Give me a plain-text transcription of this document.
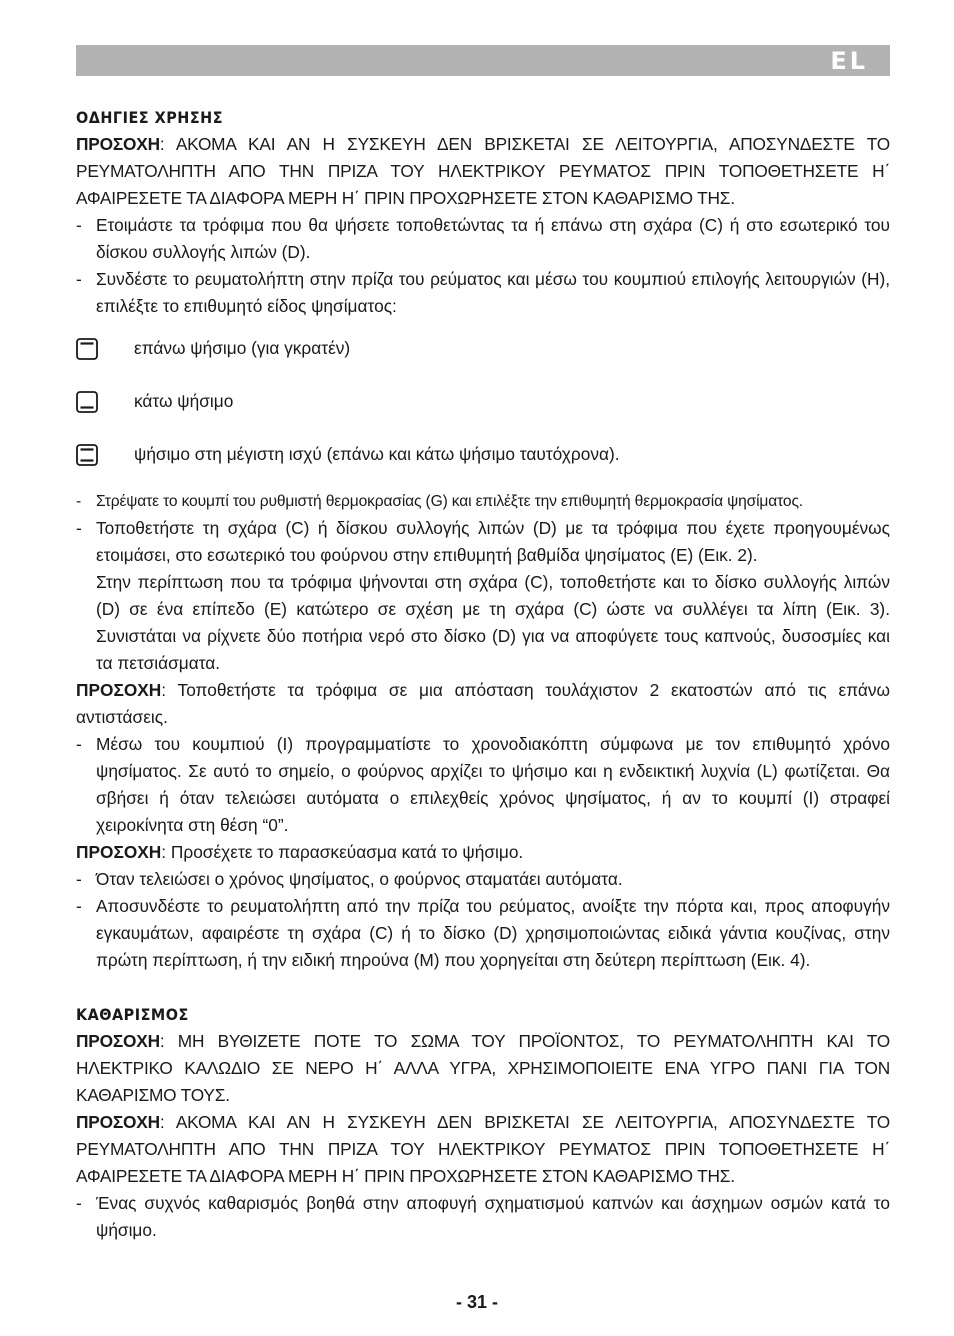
EL
ΟΔΗΓΙΕΣ ΧΡΗΣΗΣ
ΠΡΟΣΟΧΗ: ΑΚΟΜΑ ΚΑΙ ΑΝ Η ΣΥΣΚΕΥΗ ΔΕΝ ΒΡΙΣΚΕΤΑΙ ΣΕ ΛΕΙΤΟΥΡΓΙΑ, ΑΠΟΣΥΝΔΕΣΤΕ ΤΟ ΡΕΥΜΑΤΟΛΗΠΤΗ ΑΠΟ ΤΗΝ ΠΡΙΖΑ ΤΟΥ ΗΛΕΚΤΡΙΚΟΥ ΡΕΥΜΑΤΟΣ ΠΡΙΝ ΤΟΠΟΘΕΤΗΣΕΤΕ Η΄ ΑΦΑΙΡΕΣΕΤΕ ΤΑ ΔΙΑΦΟΡΑ ΜΕΡΗ Η΄ ΠΡΙΝ ΠΡΟΧΩΡΗΣΕΤΕ ΣΤΟΝ ΚΑΘΑΡΙΣΜΟ ΤΗΣ.
- Ετοιμάστε τα τρόφιμα που θα ψήσετε τοποθετώντας τα ή επάνω στη σχάρα (C) ή στο εσωτερικό του δίσκου συλλογής λιπών (D).
- Συνδέστε το ρευματολήπτη στην πρίζα του ρεύματος και μέσω του κουμπιού επιλογής λειτουργιών (H), επιλέξτε το επιθυμητό είδος ψησίματος:
επάνω ψήσιμο (για γκρατέν)
κάτω ψήσιμο
ψήσιμο στη μέγιστη ισχύ (επάνω και κάτω ψήσιμο ταυτόχρονα).
- Στρέψατε το κουμπί του ρυθμιστή θερμοκρασίας (G) και επιλέξτε την επιθυμητή θερμοκρασία ψησίματος.
- Τοποθετήστε τη σχάρα (C) ή δίσκου συλλογής λιπών (D) με τα τρόφιμα που έχετε προηγουμένως ετοιμάσει, στο εσωτερικό του φούρνου στην επιθυμητή βαθμίδα ψησίματος (E) (Εικ. 2).
Στην περίπτωση που τα τρόφιμα ψήνονται στη σχάρα (C), τοποθετήστε και το δίσκο συλλογής λιπών (D) σε ένα επίπεδο (E) κατώτερο σε σχέση με τη σχάρα (C) ώστε να συλλέγει τα λίπη (Εικ. 3). Συνιστάται να ρίχνετε δύο ποτήρια νερό στο δίσκο (D) για να αποφύγετε τους καπνούς, δυσοσμίες και τα πετσιάσματα.
ΠΡΟΣΟΧΗ: Τοποθετήστε τα τρόφιμα σε μια απόσταση τουλάχιστον 2 εκατοστών από τις επάνω αντιστάσεις.
- Μέσω του κουμπιού (I) προγραμματίστε το χρονοδιακόπτη σύμφωνα με τον επιθυμητό χρόνο ψησίματος. Σε αυτό το σημείο, ο φούρνος αρχίζει το ψήσιμο και η ενδεικτική λυχνία (L) φωτίζεται. Θα σβήσει ή όταν τελειώσει αυτόματα ο επιλεχθείς χρόνος ψησίματος, ή αν το κουμπί (I) στραφεί χειροκίνητα στη θέση “0”.
ΠΡΟΣΟΧΗ: Προσέχετε το παρασκεύασμα κατά το ψήσιμο.
- Όταν τελειώσει ο χρόνος ψησίματος, ο φούρνος σταματάει αυτόματα.
- Αποσυνδέστε το ρευματολήπτη από την πρίζα του ρεύματος, ανοίξτε την πόρτα και, προς αποφυγήν εγκαυμάτων, αφαιρέστε τη σχάρα (C) ή το δίσκο (D) χρησιμοποιώντας ειδικά γάντια κουζίνας, στην πρώτη περίπτωση, ή την ειδική πηρούνα (M) που χορηγείται στη δεύτερη περίπτωση (Εικ. 4).
ΚΑΘΑΡΙΣΜΟΣ
ΠΡΟΣΟΧΗ: ΜΗ ΒΥΘΙΖΕΤΕ ΠΟΤΕ ΤΟ ΣΩΜΑ ΤΟΥ ΠΡΟΪΟΝΤΟΣ, ΤΟ ΡΕΥΜΑΤΟΛΗΠΤΗ ΚΑΙ ΤΟ ΗΛΕΚΤΡΙΚΟ ΚΑΛΩΔΙΟ ΣΕ ΝΕΡΟ Η΄ ΑΛΛΑ ΥΓΡΑ, ΧΡΗΣΙΜΟΠΟΙΕΙΤΕ ΕΝΑ ΥΓΡΟ ΠΑΝΙ ΓΙΑ ΤΟΝ ΚΑΘΑΡΙΣΜΟ ΤΟΥΣ.
ΠΡΟΣΟΧΗ: ΑΚΟΜΑ ΚΑΙ ΑΝ Η ΣΥΣΚΕΥΗ ΔΕΝ ΒΡΙΣΚΕΤΑΙ ΣΕ ΛΕΙΤΟΥΡΓΙΑ, ΑΠΟΣΥΝΔΕΣΤΕ ΤΟ ΡΕΥΜΑΤΟΛΗΠΤΗ ΑΠΟ ΤΗΝ ΠΡΙΖΑ ΤΟΥ ΗΛΕΚΤΡΙΚΟΥ ΡΕΥΜΑΤΟΣ ΠΡΙΝ ΤΟΠΟΘΕΤΗΣΕΤΕ Η΄ ΑΦΑΙΡΕΣΕΤΕ ΤΑ ΔΙΑΦΟΡΑ ΜΕΡΗ Η΄ ΠΡΙΝ ΠΡΟΧΩΡΗΣΕΤΕ ΣΤΟΝ ΚΑΘΑΡΙΣΜΟ ΤΗΣ.
- Ένας συχνός καθαρισμός βοηθά στην αποφυγή σχηματισμού καπνών και άσχημων οσμών κατά το ψήσιμο.
- 31 -
